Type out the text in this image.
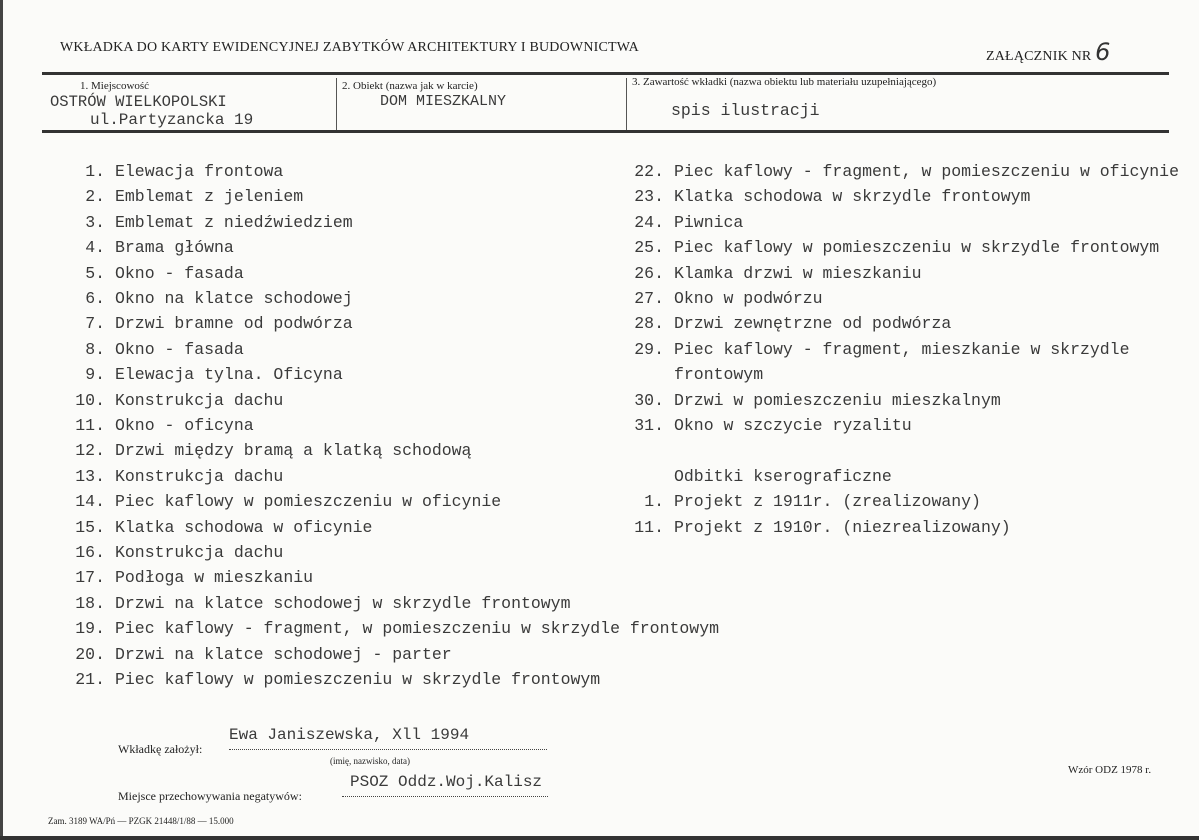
WKŁADKA DO KARTY EWIDENCYJNEJ ZABYTKÓW ARCHITEKTURY I BUDOWNICTWA
ZAŁĄCZNIK NR 6
1. Miejscowość
OSTRÓW WIELKOPOLSKI
ul.Partyzancka 19
2. Obiekt (nazwa jak w karcie)
DOM MIESZKALNY
3. Zawartość wkładki (nazwa obiektu lub materiału uzupełniającego)
spis ilustracji
1. Elewacja frontowa
2. Emblemat z jeleniem
3. Emblemat z niedźwiedziem
4. Brama główna
5. Okno - fasada
6. Okno na klatce schodowej
7. Drzwi bramne od podwórza
8. Okno - fasada
9. Elewacja tylna. Oficyna
10. Konstrukcja dachu
11. Okno - oficyna
12. Drzwi między bramą a klatką schodową
13. Konstrukcja dachu
14. Piec kaflowy w pomieszczeniu w oficynie
15. Klatka schodowa w oficynie
16. Konstrukcja dachu
17. Podłoga w mieszkaniu
18. Drzwi na klatce schodowej w skrzydle frontowym
19. Piec kaflowy - fragment, w pomieszczeniu w skrzydle frontowym
20. Drzwi na klatce schodowej - parter
21. Piec kaflowy w pomieszczeniu w skrzydle frontowym
22. Piec kaflowy - fragment, w pomieszczeniu w oficynie
23. Klatka schodowa w skrzydle frontowym
24. Piwnica
25. Piec kaflowy w pomieszczeniu w skrzydle frontowym
26. Klamka drzwi w mieszkaniu
27. Okno w podwórzu
28. Drzwi zewnętrzne od podwórza
29. Piec kaflowy - fragment, mieszkanie w skrzydle
frontowym
30. Drzwi w pomieszczeniu mieszkalnym
31. Okno w szczycie ryzalitu
Odbitki kserograficzne
1. Projekt z 1911r. (zrealizowany)
11. Projekt z 1910r. (niezrealizowany)
Wkładkę założył:
Ewa Janiszewska, Xll 1994
(imię, nazwisko, data)
Miejsce przechowywania negatywów:
PSOZ Oddz.Woj.Kalisz
Wzór ODZ 1978 r.
Zam. 3189 WA/Pń — PZGK 21448/1/88 — 15.000
